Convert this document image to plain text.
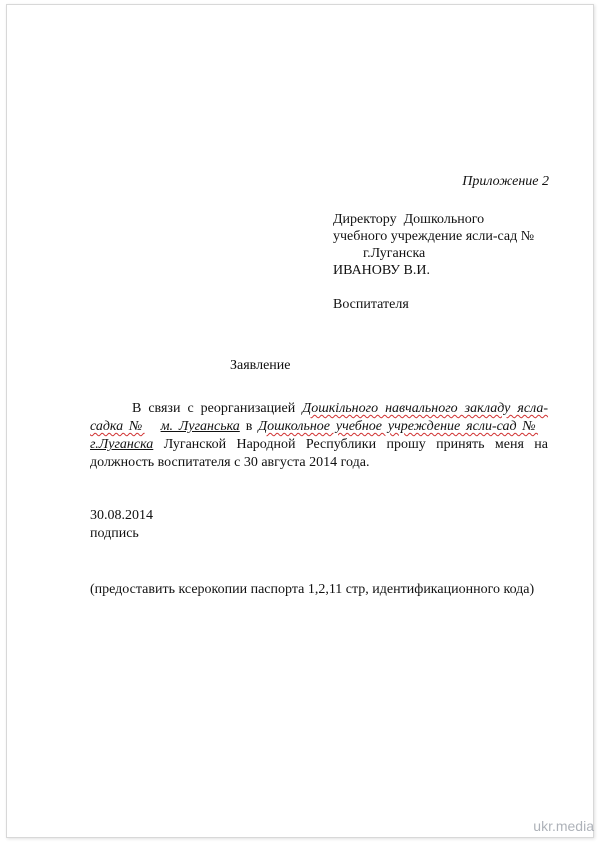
Приложение 2
Директору  Дошкольного
учебного учреждение ясли-сад №
г.Луганска
ИВАНОВУ В.И.
Воспитателя
Заявление
В связи с реорганизацией Дошкільного навчального закладу ясла-садка № м. Луганська в Дошкольное учебное учреждение ясли-сад №г.Луганска Луганской Народной Республики прошу принять меня на должность воспитателя с 30 августа 2014 года.
30.08.2014
подпись
(предоставить ксерокопии паспорта 1,2,11 стр, идентификационного кода)
ukr.media
